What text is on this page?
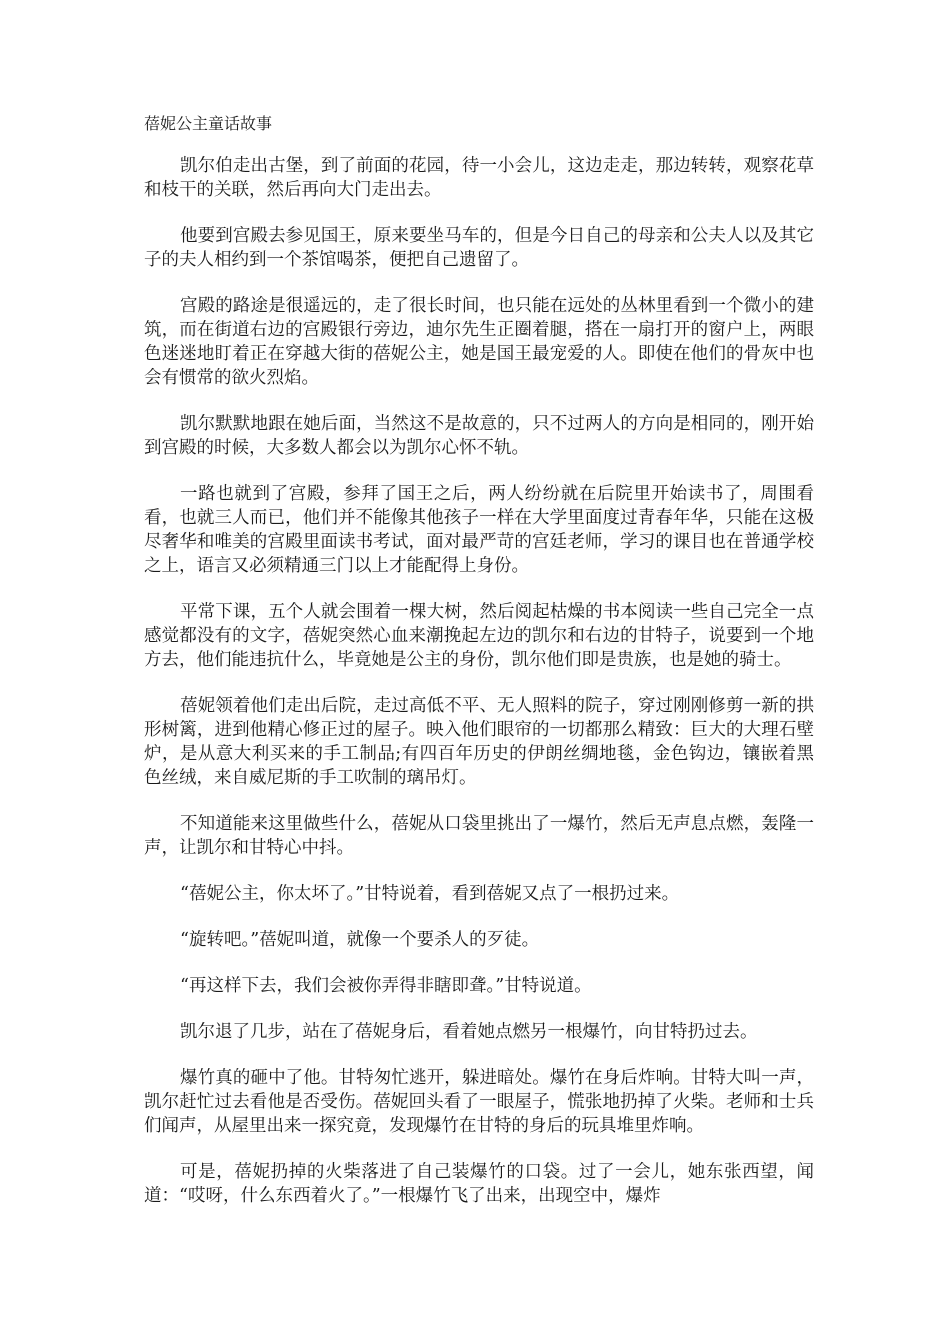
蓓妮公主童话故事

凯尔伯走出古堡，到了前面的花园，待一小会儿，这边走走，那边转转，观察花草和枝干的关联，然后再向大门走出去。

他要到宫殿去参见国王，原来要坐马车的，但是今日自己的母亲和公夫人以及其它子的夫人相约到一个茶馆喝茶，便把自己遗留了。

宫殿的路途是很遥远的，走了很长时间，也只能在远处的丛林里看到一个微小的建筑，而在街道右边的宫殿银行旁边，迪尔先生正圈着腿，搭在一扇打开的窗户上，两眼色迷迷地盯着正在穿越大街的蓓妮公主，她是国王最宠爱的人。即使在他们的骨灰中也会有惯常的欲火烈焰。

凯尔默默地跟在她后面，当然这不是故意的，只不过两人的方向是相同的，刚开始到宫殿的时候，大多数人都会以为凯尔心怀不轨。

一路也就到了宫殿，参拜了国王之后，两人纷纷就在后院里开始读书了，周围看看，也就三人而已，他们并不能像其他孩子一样在大学里面度过青春年华，只能在这极尽奢华和唯美的宫殿里面读书考试，面对最严苛的宫廷老师，学习的课目也在普通学校之上，语言又必须精通三门以上才能配得上身份。

平常下课，五个人就会围着一棵大树，然后阅起枯燥的书本阅读一些自己完全一点感觉都没有的文字，蓓妮突然心血来潮挽起左边的凯尔和右边的甘特子，说要到一个地方去，他们能违抗什么，毕竟她是公主的身份，凯尔他们即是贵族，也是她的骑士。

蓓妮领着他们走出后院，走过高低不平、无人照料的院子，穿过刚刚修剪一新的拱形树篱，进到他精心修正过的屋子。映入他们眼帘的一切都那么精致：巨大的大理石壁炉，是从意大利买来的手工制品;有四百年历史的伊朗丝绸地毯，金色钩边，镶嵌着黑色丝绒，来自威尼斯的手工吹制的璃吊灯。

不知道能来这里做些什么，蓓妮从口袋里挑出了一爆竹，然后无声息点燃，轰隆一声，让凯尔和甘特心中抖。

“蓓妮公主，你太坏了。”甘特说着，看到蓓妮又点了一根扔过来。

“旋转吧。”蓓妮叫道，就像一个要杀人的歹徒。

“再这样下去，我们会被你弄得非瞎即聋。”甘特说道。

凯尔退了几步，站在了蓓妮身后，看着她点燃另一根爆竹，向甘特扔过去。

爆竹真的砸中了他。甘特匆忙逃开，躲进暗处。爆竹在身后炸响。甘特大叫一声，凯尔赶忙过去看他是否受伤。蓓妮回头看了一眼屋子，慌张地扔掉了火柴。老师和士兵们闻声，从屋里出来一探究竟，发现爆竹在甘特的身后的玩具堆里炸响。

可是，蓓妮扔掉的火柴落进了自己装爆竹的口袋。过了一会儿，她东张西望，闻道：“哎呀，什么东西着火了。”一根爆竹飞了出来，出现空中，爆炸
